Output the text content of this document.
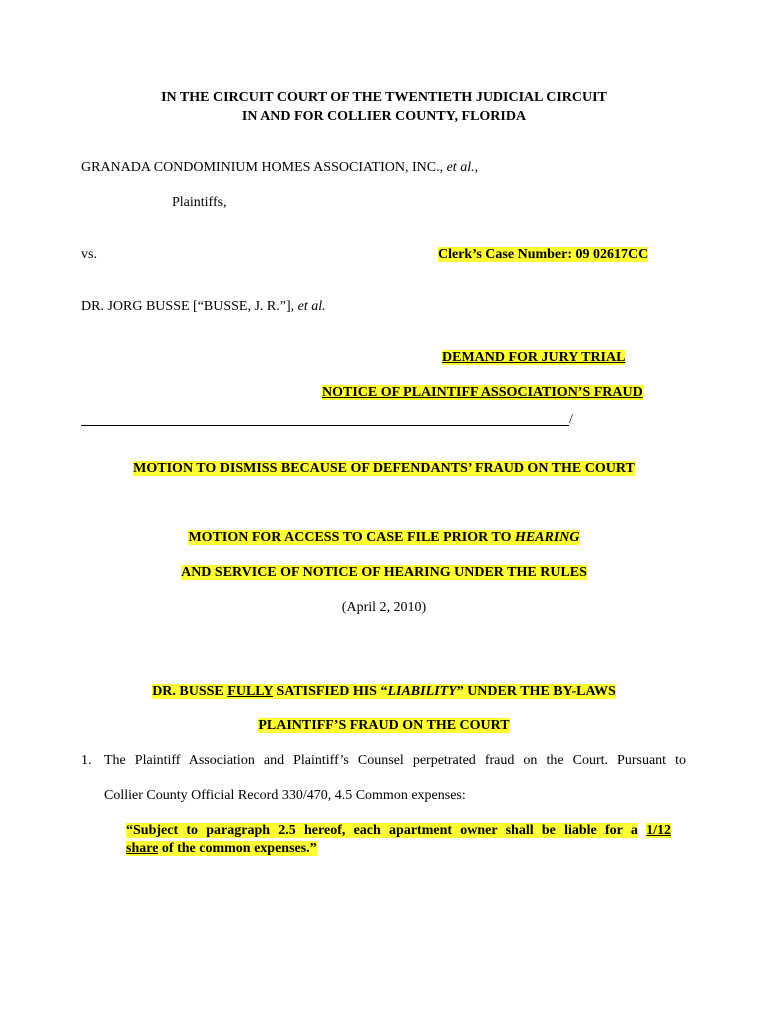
IN THE CIRCUIT COURT OF THE TWENTIETH JUDICIAL CIRCUIT
IN AND FOR COLLIER COUNTY, FLORIDA
GRANADA CONDOMINIUM HOMES ASSOCIATION, INC., et al.,
Plaintiffs,
vs.	Clerk’s Case Number: 09 02617CC
DR. JORG BUSSE [“BUSSE, J. R.”], et al.
DEMAND FOR JURY TRIAL
NOTICE OF PLAINTIFF ASSOCIATION’S FRAUD
/
MOTION TO DISMISS BECAUSE OF DEFENDANTS’ FRAUD ON THE COURT
MOTION FOR ACCESS TO CASE FILE PRIOR TO HEARING
AND SERVICE OF NOTICE OF HEARING UNDER THE RULES
(April 2, 2010)
DR. BUSSE FULLY SATISFIED HIS “LIABILITY” UNDER THE BY-LAWS
PLAINTIFF’S FRAUD ON THE COURT
1. The Plaintiff Association and Plaintiff’s Counsel perpetrated fraud on the Court. Pursuant to
Collier County Official Record 330/470, 4.5 Common expenses:
“Subject to paragraph 2.5 hereof, each apartment owner shall be liable for a 1/12
share of the common expenses.”
